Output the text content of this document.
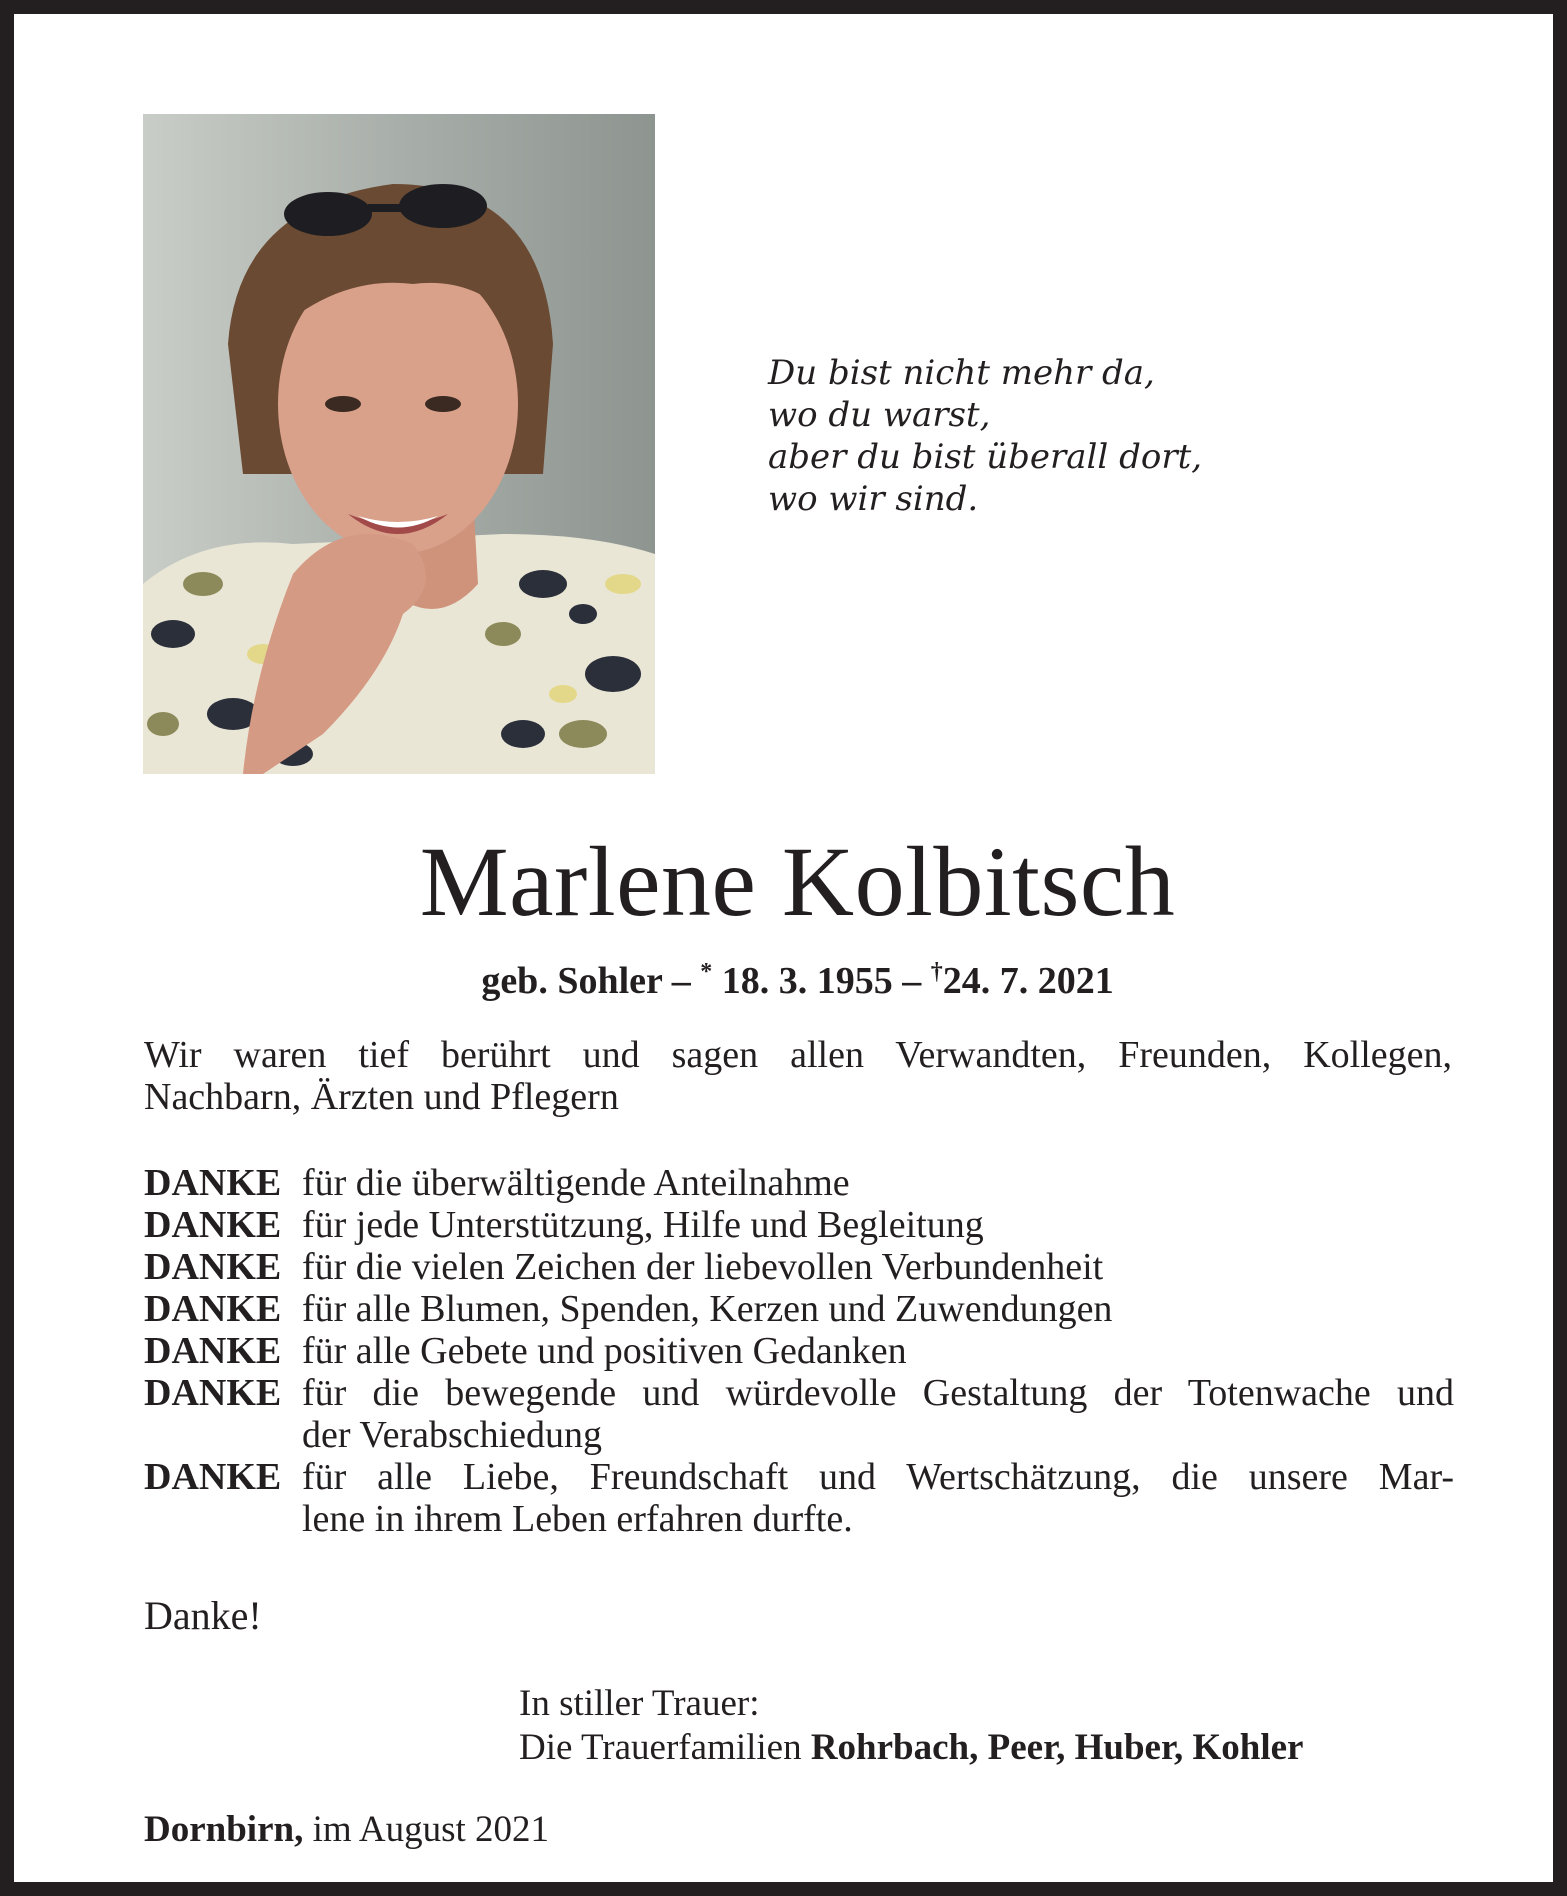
Du bist nicht mehr da,
wo du warst,
aber du bist überall dort,
wo wir sind.
Marlene Kolbitsch
geb. Sohler – * 18. 3. 1955 – †24. 7. 2021
Wir waren tief berührt und sagen allen Verwandten, Freunden, Kollegen,
Nachbarn, Ärzten und Pflegern
DANKE für die überwältigende Anteilnahme
DANKE für jede Unterstützung, Hilfe und Begleitung
DANKE für die vielen Zeichen der liebevollen Verbundenheit
DANKE für alle Blumen, Spenden, Kerzen und Zuwendungen
DANKE für alle Gebete und positiven Gedanken
DANKE für die bewegende und würdevolle Gestaltung der Totenwache und
der Verabschiedung
DANKE für alle Liebe, Freundschaft und Wertschätzung, die unsere Mar-
lene in ihrem Leben erfahren durfte.
Danke!
In stiller Trauer:
Die Trauerfamilien Rohrbach, Peer, Huber, Kohler
Dornbirn, im August 2021
